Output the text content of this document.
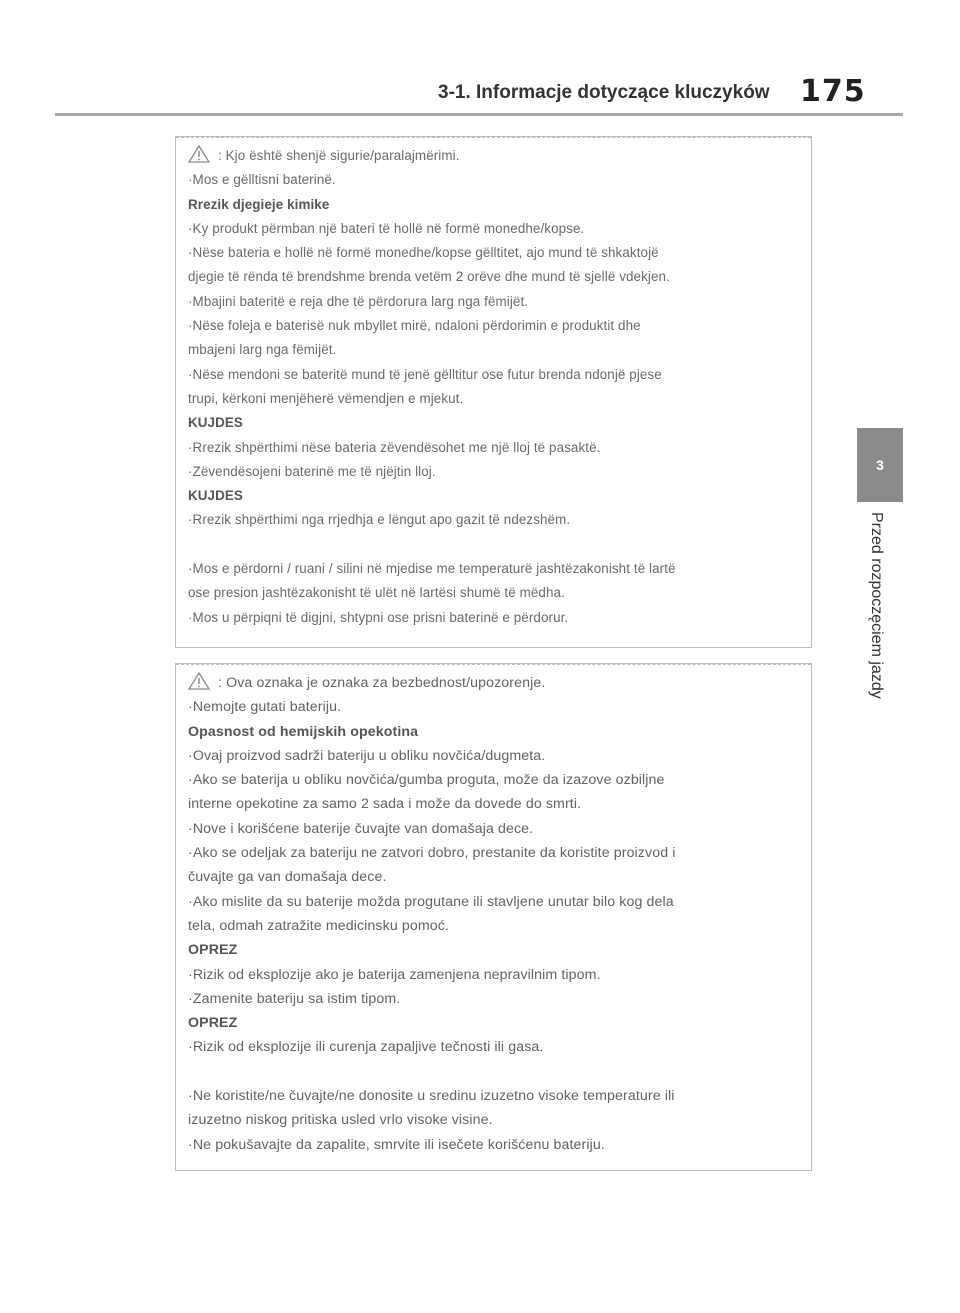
3-1. Informacje dotyczące kluczyków 175
3
Przed rozpoczęciem jazdy
: Kjo është shenjë sigurie/paralajmërimi.
·Mos e gëlltisni baterinë.
Rrezik djegieje kimike
·Ky produkt përmban një bateri të hollë në formë monedhe/kopse.
·Nëse bateria e hollë në formë monedhe/kopse gëlltitet, ajo mund të shkaktojë
djegie të rënda të brendshme brenda vetëm 2 orëve dhe mund të sjellë vdekjen.
·Mbajini bateritë e reja dhe të përdorura larg nga fëmijët.
·Nëse foleja e baterisë nuk mbyllet mirë, ndaloni përdorimin e produktit dhe
mbajeni larg nga fëmijët.
·Nëse mendoni se bateritë mund të jenë gëlltitur ose futur brenda ndonjë pjese
trupi, kërkoni menjëherë vëmendjen e mjekut.
KUJDES
·Rrezik shpërthimi nëse bateria zëvendësohet me një lloj të pasaktë.
·Zëvendësojeni baterinë me të njëjtin lloj.
KUJDES
·Rrezik shpërthimi nga rrjedhja e lëngut apo gazit të ndezshëm.
·Mos e përdorni / ruani / silini në mjedise me temperaturë jashtëzakonisht të lartë
ose presion jashtëzakonisht të ulët në lartësi shumë të mëdha.
·Mos u përpiqni të digjni, shtypni ose prisni baterinë e përdorur.
: Ova oznaka je oznaka za bezbednost/upozorenje.
·Nemojte gutati bateriju.
Opasnost od hemijskih opekotina
·Ovaj proizvod sadrži bateriju u obliku novčića/dugmeta.
·Ako se baterija u obliku novčića/gumba proguta, može da izazove ozbiljne
interne opekotine za samo 2 sada i može da dovede do smrti.
·Nove i korišćene baterije čuvajte van domašaja dece.
·Ako se odeljak za bateriju ne zatvori dobro, prestanite da koristite proizvod i
čuvajte ga van domašaja dece.
·Ako mislite da su baterije možda progutane ili stavljene unutar bilo kog dela
tela, odmah zatražite medicinsku pomoć.
OPREZ
·Rizik od eksplozije ako je baterija zamenjena nepravilnim tipom.
·Zamenite bateriju sa istim tipom.
OPREZ
·Rizik od eksplozije ili curenja zapaljive tečnosti ili gasa.
·Ne koristite/ne čuvajte/ne donosite u sredinu izuzetno visoke temperature ili
izuzetno niskog pritiska usled vrlo visoke visine.
·Ne pokušavajte da zapalite, smrvite ili isečete korišćenu bateriju.
